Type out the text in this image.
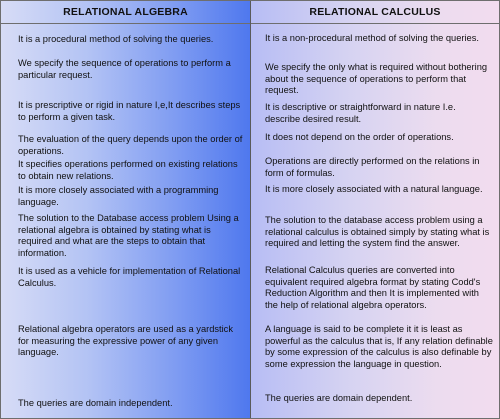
RELATIONAL ALGEBRA
It is a procedural method of solving the queries.
We specify the sequence of operations to perform a particular request.
It is prescriptive or rigid in nature I,e,It describes steps to perform a given task.
The evaluation of the query depends upon the order of operations.
It specifies operations performed on existing relations to obtain new relations.
It is more closely associated with a programming language.
The solution to the Database access problem Using a relational algebra is obtained by stating what is required and what are the steps to obtain that information.
It is used as a vehicle for implementation of Relational Calculus.
Relational algebra operators are used as a yardstick for measuring the expressive power of any given language.
The queries are domain independent.
RELATIONAL CALCULUS
It is a non-procedural method of solving the queries.
We specify the only what is required without bothering about the sequence of operations to perform that request.
It is descriptive or straightforward in nature I.e. describe desired result.
It does not depend on the order of operations.
Operations are directly performed on the relations in form of formulas.
It is more closely associated with a natural language.
The solution to the database access problem using a relational calculus is obtained simply by stating what is required and letting the system find the answer.
Relational Calculus queries are converted into equivalent required algebra format by stating Codd's Reduction Algorithm and then It is implemented with the help of relational algebra operators.
A language is said to be complete it it is least as powerful as the calculus that is, If any relation definable by some expression of the calculus is also definable by some expression the language in question.
The queries are domain dependent.
